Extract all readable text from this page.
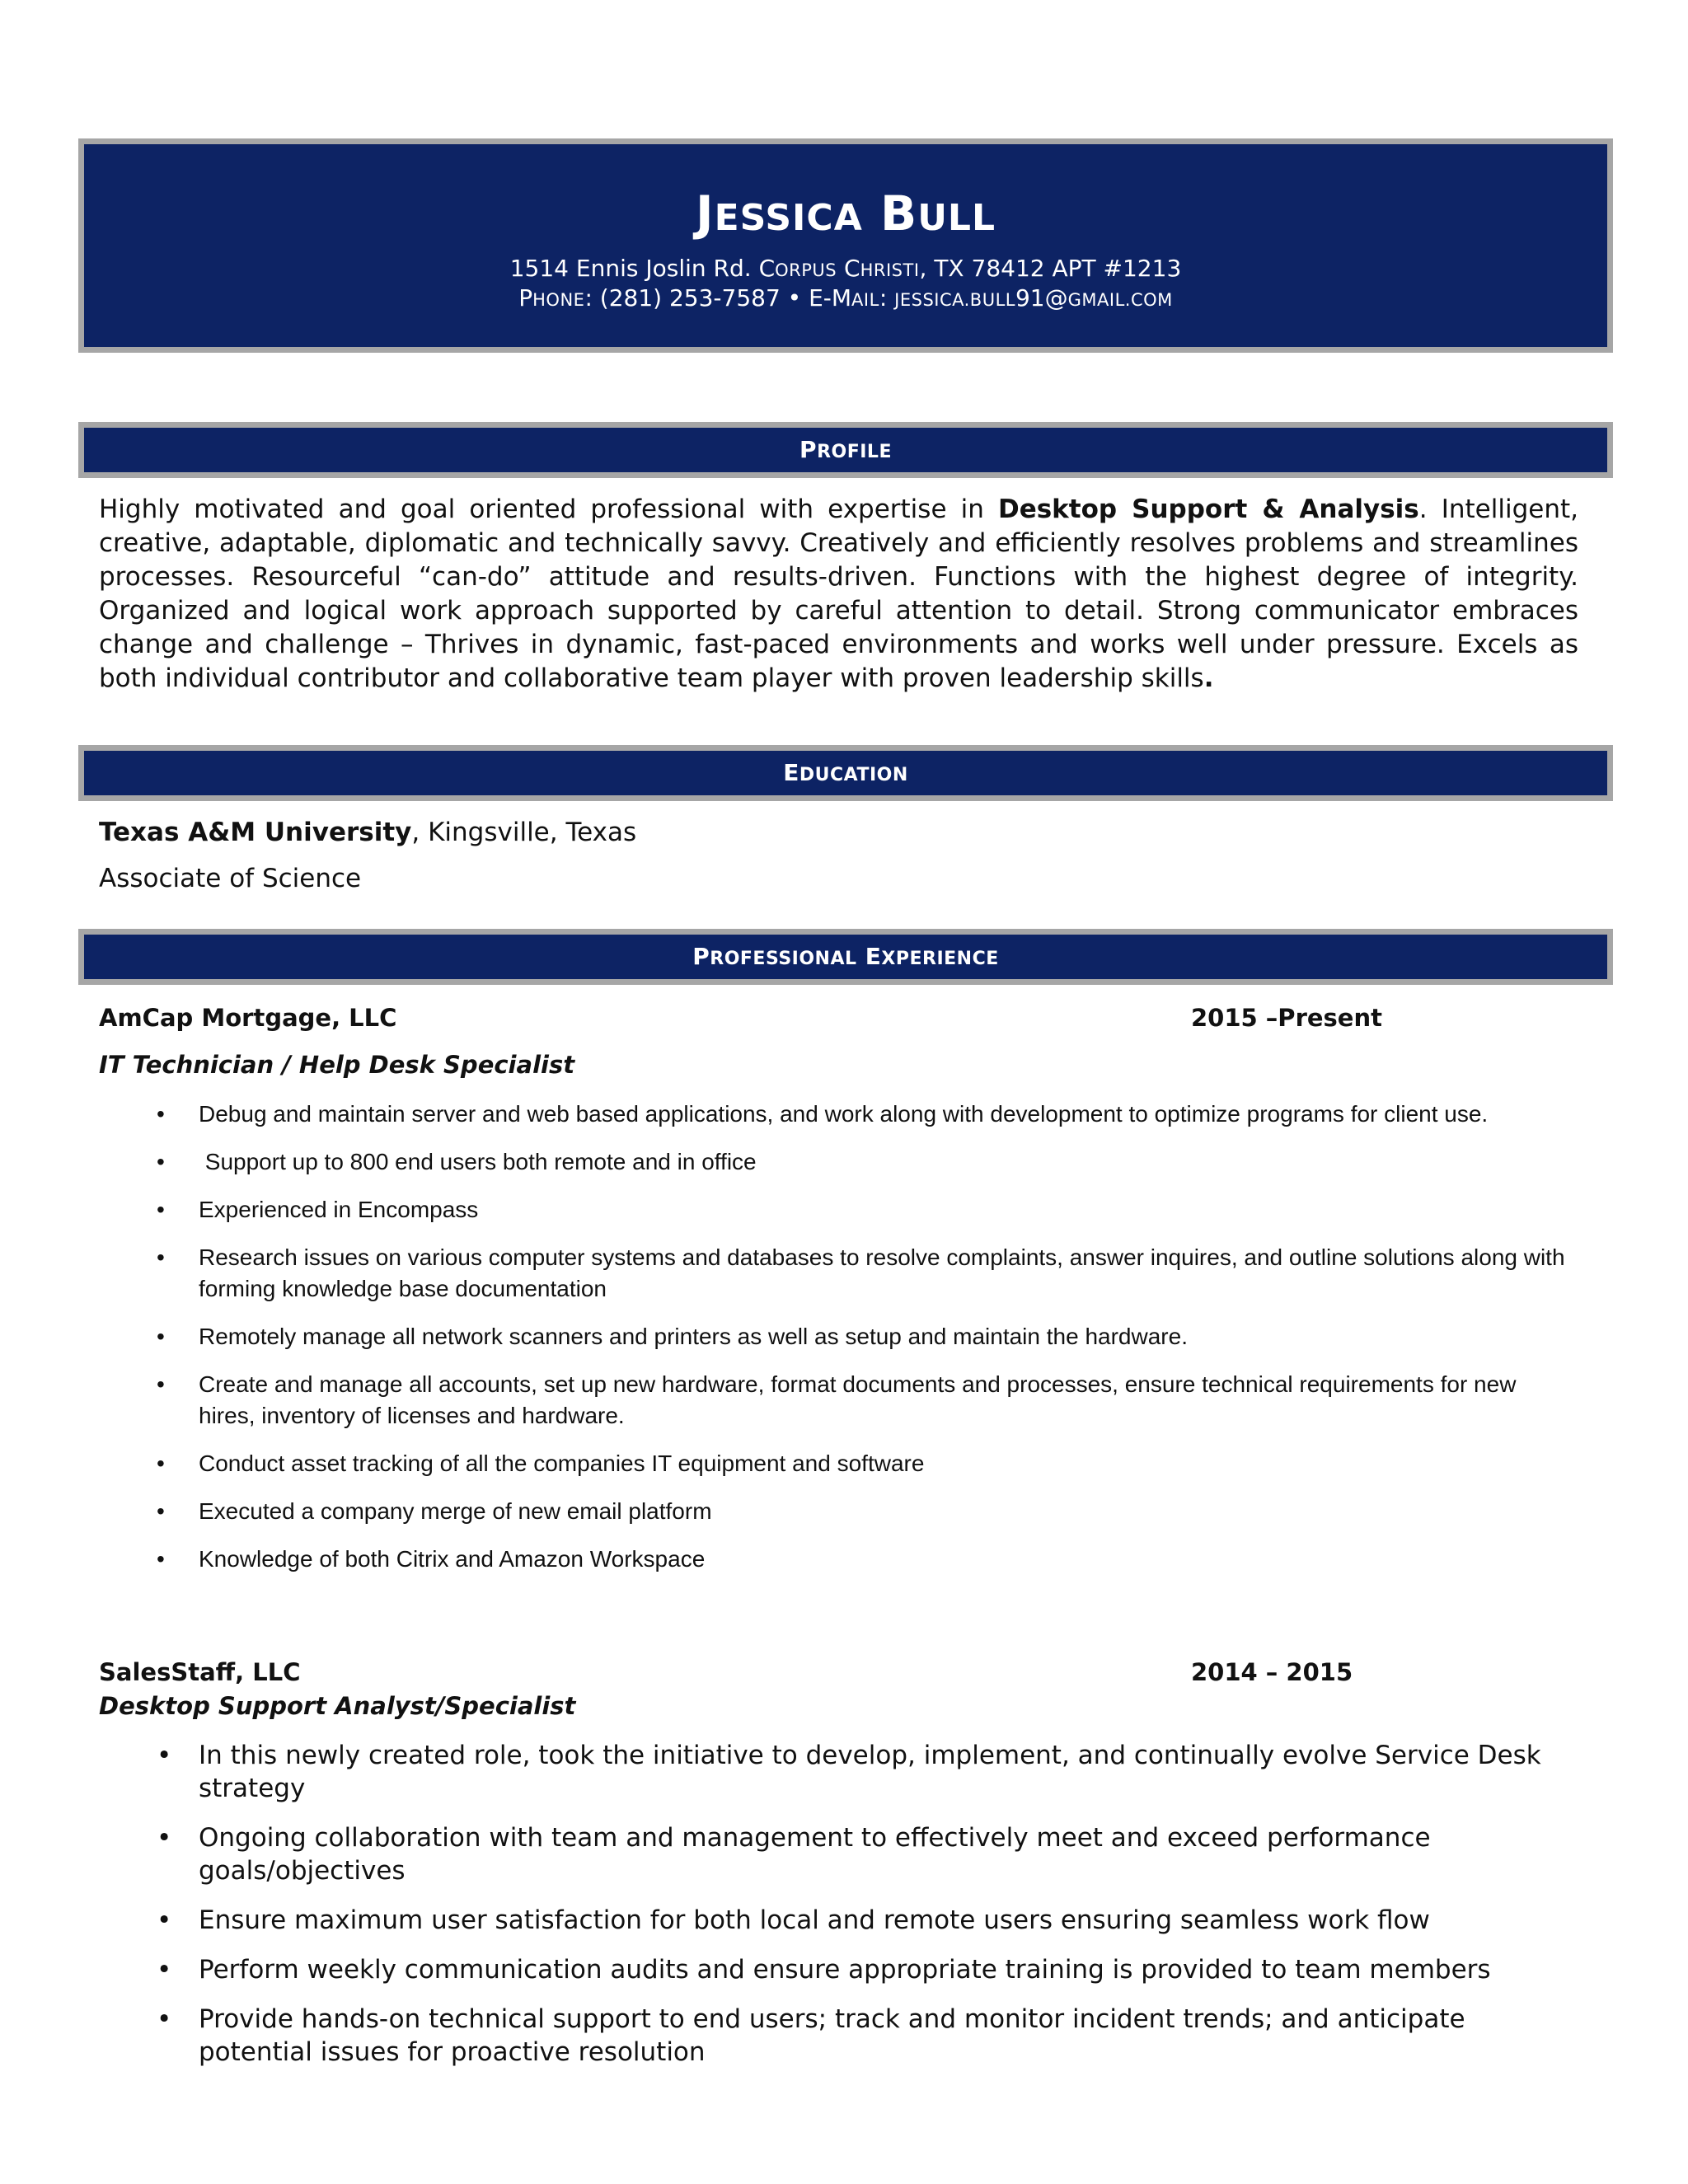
JESSICA BULL
1514 Ennis Joslin Rd. CORPUS CHRISTI, TX 78412 APT #1213
PHONE: (281) 253-7587 • E-MAIL: JESSICA.BULL91@GMAIL.COM
PROFILE
Highly motivated and goal oriented professional with expertise in Desktop Support & Analysis. Intelligent, creative, adaptable, diplomatic and technically savvy. Creatively and efficiently resolves problems and streamlines processes. Resourceful “can-do” attitude and results-driven. Functions with the highest degree of integrity. Organized and logical work approach supported by careful attention to detail. Strong communicator embraces change and challenge – Thrives in dynamic, fast-paced environments and works well under pressure. Excels as both individual contributor and collaborative team player with proven leadership skills.
EDUCATION
Texas A&M University, Kingsville, Texas
Associate of Science
PROFESSIONAL EXPERIENCE
AmCap Mortgage, LLC	2015 –Present
IT Technician / Help Desk Specialist
• Debug and maintain server and web based applications, and work along with development to optimize programs for client use.
• Support up to 800 end users both remote and in office
• Experienced in Encompass
• Research issues on various computer systems and databases to resolve complaints, answer inquires, and outline solutions along with forming knowledge base documentation
• Remotely manage all network scanners and printers as well as setup and maintain the hardware.
• Create and manage all accounts, set up new hardware, format documents and processes, ensure technical requirements for new hires, inventory of licenses and hardware.
• Conduct asset tracking of all the companies IT equipment and software
• Executed a company merge of new email platform
• Knowledge of both Citrix and Amazon Workspace
SalesStaff, LLC	2014 – 2015
Desktop Support Analyst/Specialist
• In this newly created role, took the initiative to develop, implement, and continually evolve Service Desk strategy
• Ongoing collaboration with team and management to effectively meet and exceed performance goals/objectives
• Ensure maximum user satisfaction for both local and remote users ensuring seamless work flow
• Perform weekly communication audits and ensure appropriate training is provided to team members
• Provide hands-on technical support to end users; track and monitor incident trends; and anticipate potential issues for proactive resolution
